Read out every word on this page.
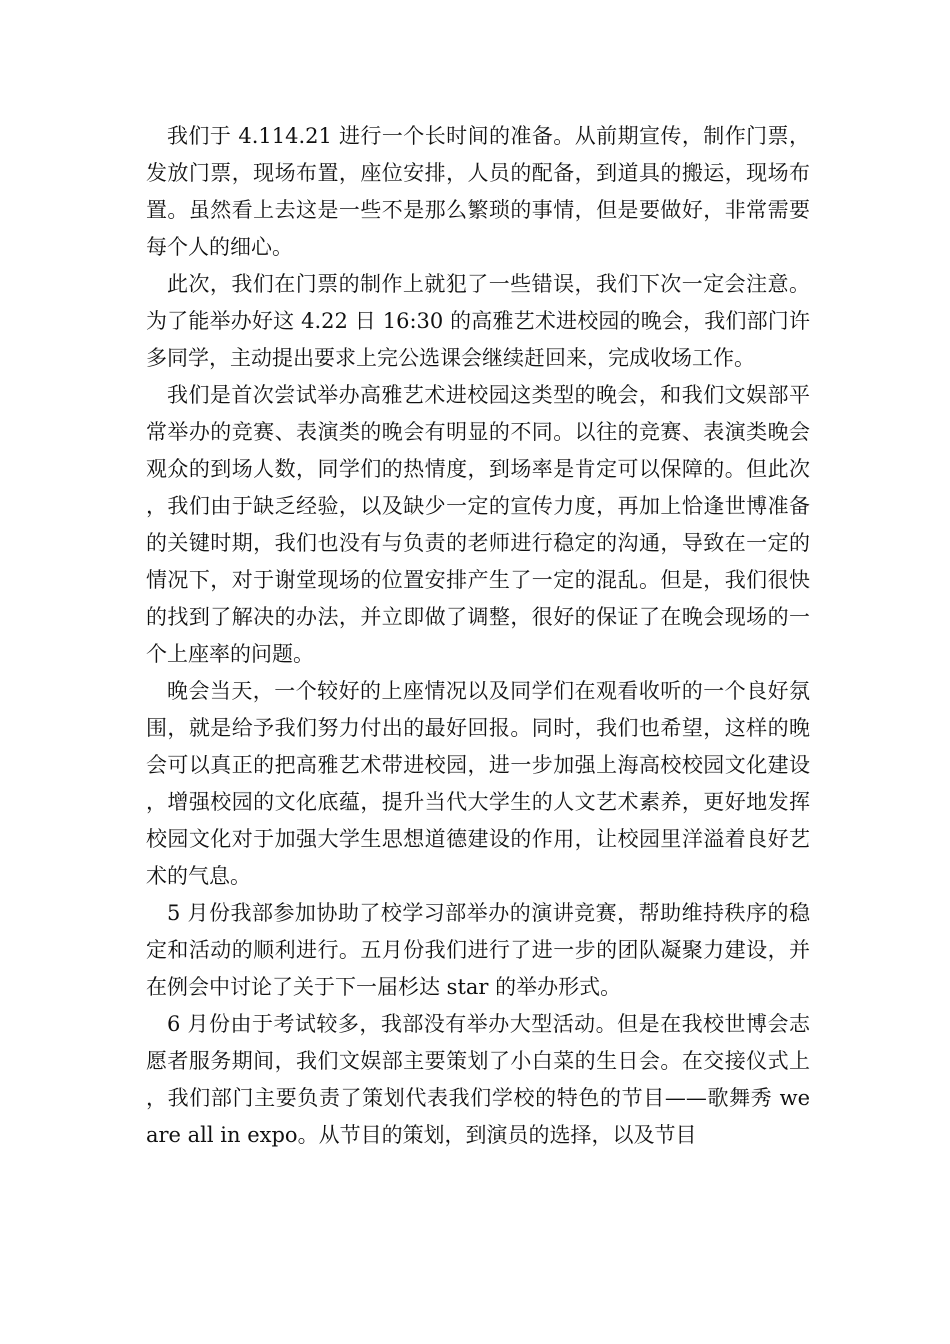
我们于 4.114.21 进行一个长时间的准备。从前期宣传，制作门票，发放门票，现场布置，座位安排，人员的配备，到道具的搬运，现场布置。虽然看上去这是一些不是那么繁琐的事情，但是要做好，非常需要每个人的细心。

此次，我们在门票的制作上就犯了一些错误，我们下次一定会注意。为了能举办好这 4.22 日 16:30 的高雅艺术进校园的晚会，我们部门许多同学，主动提出要求上完公选课会继续赶回来，完成收场工作。

我们是首次尝试举办高雅艺术进校园这类型的晚会，和我们文娱部平常举办的竞赛、表演类的晚会有明显的不同。以往的竞赛、表演类晚会观众的到场人数，同学们的热情度，到场率是肯定可以保障的。但此次，我们由于缺乏经验，以及缺少一定的宣传力度，再加上恰逢世博准备的关键时期，我们也没有与负责的老师进行稳定的沟通，导致在一定的情况下，对于谢堂现场的位置安排产生了一定的混乱。但是，我们很快的找到了解决的办法，并立即做了调整，很好的保证了在晚会现场的一个上座率的问题。

晚会当天，一个较好的上座情况以及同学们在观看收听的一个良好氛围，就是给予我们努力付出的最好回报。同时，我们也希望，这样的晚会可以真正的把高雅艺术带进校园，进一步加强上海高校校园文化建设，增强校园的文化底蕴，提升当代大学生的人文艺术素养，更好地发挥校园文化对于加强大学生思想道德建设的作用，让校园里洋溢着良好艺术的气息。

5 月份我部参加协助了校学习部举办的演讲竞赛，帮助维持秩序的稳定和活动的顺利进行。五月份我们进行了进一步的团队凝聚力建设，并在例会中讨论了关于下一届杉达 star 的举办形式。

6 月份由于考试较多，我部没有举办大型活动。但是在我校世博会志愿者服务期间，我们文娱部主要策划了小白菜的生日会。在交接仪式上，我们部门主要负责了策划代表我们学校的特色的节目——歌舞秀 we are all in expo。从节目的策划，到演员的选择，以及节目
